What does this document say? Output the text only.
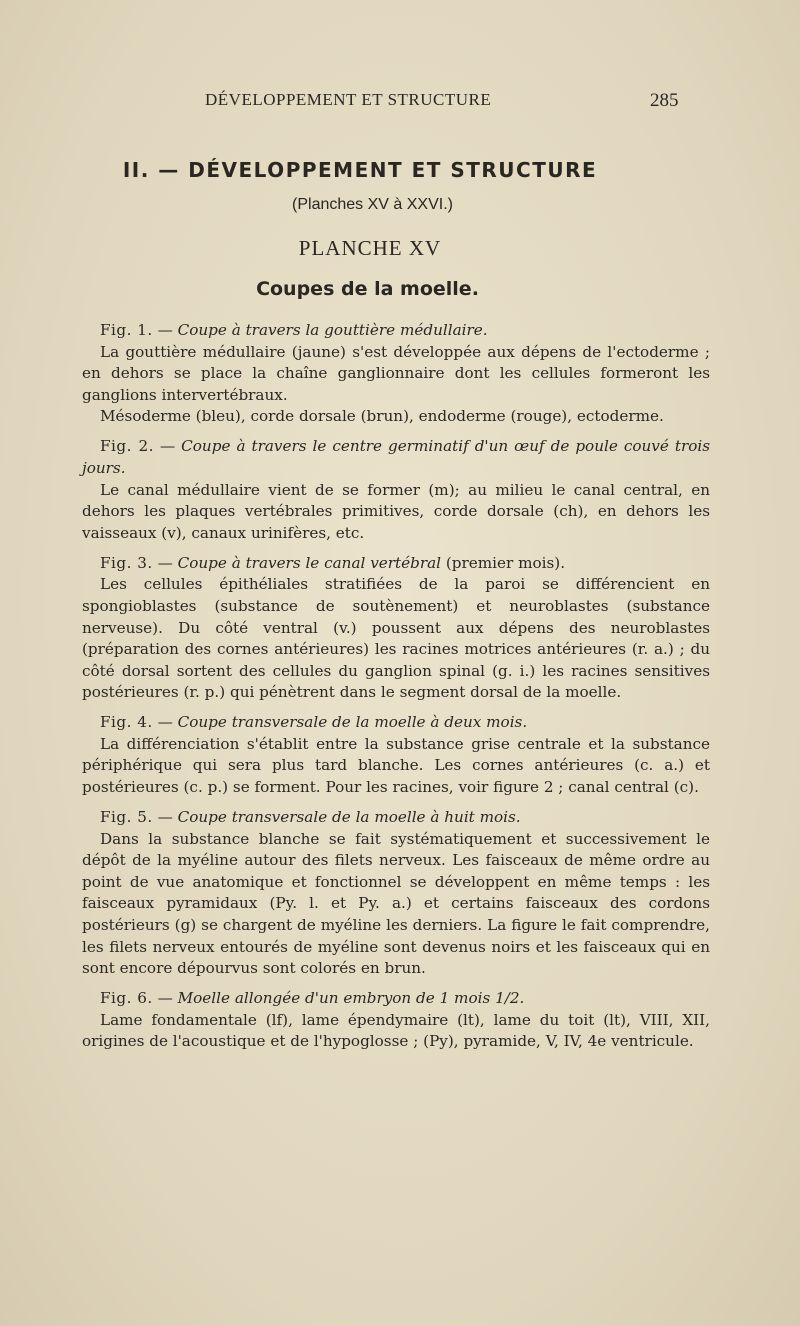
DÉVELOPPEMENT ET STRUCTURE	285
II. — DÉVELOPPEMENT ET STRUCTURE
(Planches XV à XXVI.)
PLANCHE XV
Coupes de la moelle.
Fig. 1. — Coupe à travers la gouttière médullaire.

La gouttière médullaire (jaune) s'est développée aux dépens de l'ectoderme ; en dehors se place la chaîne ganglionnaire dont les cellules formeront les ganglions intervertébraux.

Mésoderme (bleu), corde dorsale (brun), endoderme (rouge), ectoderme.

Fig. 2. — Coupe à travers le centre germinatif d'un œuf de poule couvé trois jours.

Le canal médullaire vient de se former (m); au milieu le canal central, en dehors les plaques vertébrales primitives, corde dorsale (ch), en dehors les vaisseaux (v), canaux urinifères, etc.

Fig. 3. — Coupe à travers le canal vertébral (premier mois).

Les cellules épithéliales stratifiées de la paroi se différencient en spongioblastes (substance de soutènement) et neuroblastes (substance nerveuse). Du côté ventral (v.) poussent aux dépens des neuroblastes (préparation des cornes antérieures) les racines motrices antérieures (r. a.) ; du côté dorsal sortent des cellules du ganglion spinal (g. i.) les racines sensitives postérieures (r. p.) qui pénètrent dans le segment dorsal de la moelle.

Fig. 4. — Coupe transversale de la moelle à deux mois.

La différenciation s'établit entre la substance grise centrale et la substance périphérique qui sera plus tard blanche. Les cornes antérieures (c. a.) et postérieures (c. p.) se forment. Pour les racines, voir figure 2 ; canal central (c).

Fig. 5. — Coupe transversale de la moelle à huit mois.

Dans la substance blanche se fait systématiquement et successivement le dépôt de la myéline autour des filets nerveux. Les faisceaux de même ordre au point de vue anatomique et fonctionnel se développent en même temps : les faisceaux pyramidaux (Py. l. et Py. a.) et certains faisceaux des cordons postérieurs (g) se chargent de myéline les derniers. La figure le fait comprendre, les filets nerveux entourés de myéline sont devenus noirs et les faisceaux qui en sont encore dépourvus sont colorés en brun.

Fig. 6. — Moelle allongée d'un embryon de 1 mois 1/2.

Lame fondamentale (lf), lame épendymaire (lt), lame du toit (lt), VIII, XII, origines de l'acoustique et de l'hypoglosse ; (Py), pyramide, V, IV, 4e ventricule.
